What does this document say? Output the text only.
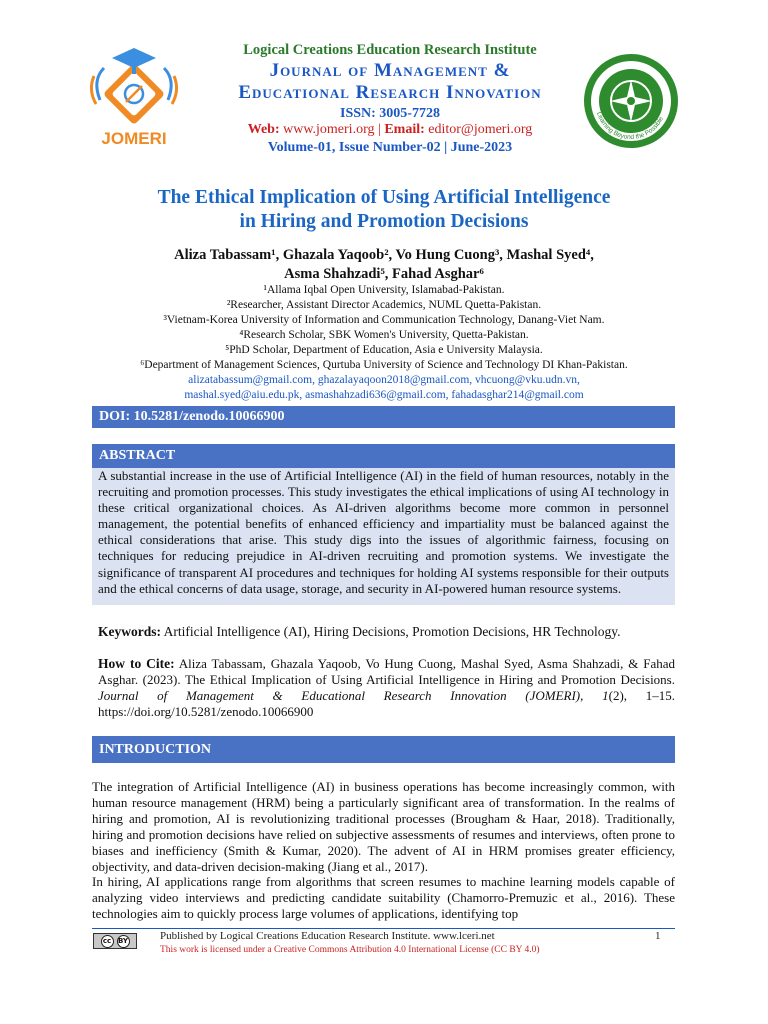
JOMERI
Logical Creations Education Research Institute
Journal of Management &
Educational Research Innovation
ISSN: 3005-7728
Web: www.jomeri.org | Email: editor@jomeri.org
Volume-01, Issue Number-02 | June-2023
Learning Beyond the Possible
The Ethical Implication of Using Artificial Intelligence
in Hiring and Promotion Decisions
Aliza Tabassam¹, Ghazala Yaqoob², Vo Hung Cuong³, Mashal Syed⁴,
Asma Shahzadi⁵, Fahad Asghar⁶
¹Allama Iqbal Open University, Islamabad-Pakistan.
²Researcher, Assistant Director Academics, NUML Quetta-Pakistan.
³Vietnam-Korea University of Information and Communication Technology, Danang-Viet Nam.
⁴Research Scholar, SBK Women's University, Quetta-Pakistan.
⁵PhD Scholar, Department of Education, Asia e University Malaysia.
⁶Department of Management Sciences, Qurtuba University of Science and Technology DI Khan-Pakistan.
alizatabassum@gmail.com, ghazalayaqoon2018@gmail.com, vhcuong@vku.udn.vn,
mashal.syed@aiu.edu.pk, asmashahzadi636@gmail.com, fahadasghar214@gmail.com
DOI: 10.5281/zenodo.10066900
ABSTRACT
A substantial increase in the use of Artificial Intelligence (AI) in the field of human resources, notably in the recruiting and promotion processes. This study investigates the ethical implications of using AI technology in these critical organizational choices. As AI-driven algorithms become more common in personnel management, the potential benefits of enhanced efficiency and impartiality must be balanced against the ethical considerations that arise. This study digs into the issues of algorithmic fairness, focusing on techniques for reducing prejudice in AI-driven recruiting and promotion systems. We investigate the significance of transparent AI procedures and techniques for holding AI systems responsible for their outputs and the ethical concerns of data usage, storage, and security in AI-powered human resource systems.
Keywords: Artificial Intelligence (AI), Hiring Decisions, Promotion Decisions, HR Technology.
How to Cite: Aliza Tabassam, Ghazala Yaqoob, Vo Hung Cuong, Mashal Syed, Asma Shahzadi, & Fahad Asghar. (2023). The Ethical Implication of Using Artificial Intelligence in Hiring and Promotion Decisions. Journal of Management & Educational Research Innovation (JOMERI), 1(2), 1–15. https://doi.org/10.5281/zenodo.10066900
INTRODUCTION

The integration of Artificial Intelligence (AI) in business operations has become increasingly common, with human resource management (HRM) being a particularly significant area of transformation. In the realms of hiring and promotion, AI is revolutionizing traditional processes (Brougham & Haar, 2018). Traditionally, hiring and promotion decisions have relied on subjective assessments of resumes and interviews, often prone to biases and inefficiency (Smith & Kumar, 2020). The advent of AI in HRM promises greater efficiency, objectivity, and data-driven decision-making (Jiang et al., 2017).

In hiring, AI applications range from algorithms that screen resumes to machine learning models capable of analyzing video interviews and predicting candidate suitability (Chamorro-Premuzic et al., 2016). These technologies aim to quickly process large volumes of applications, identifying top

cc BY	Published by Logical Creations Education Research Institute. www.lceri.net
This work is licensed under a Creative Commons Attribution 4.0 International License (CC BY 4.0)
1
